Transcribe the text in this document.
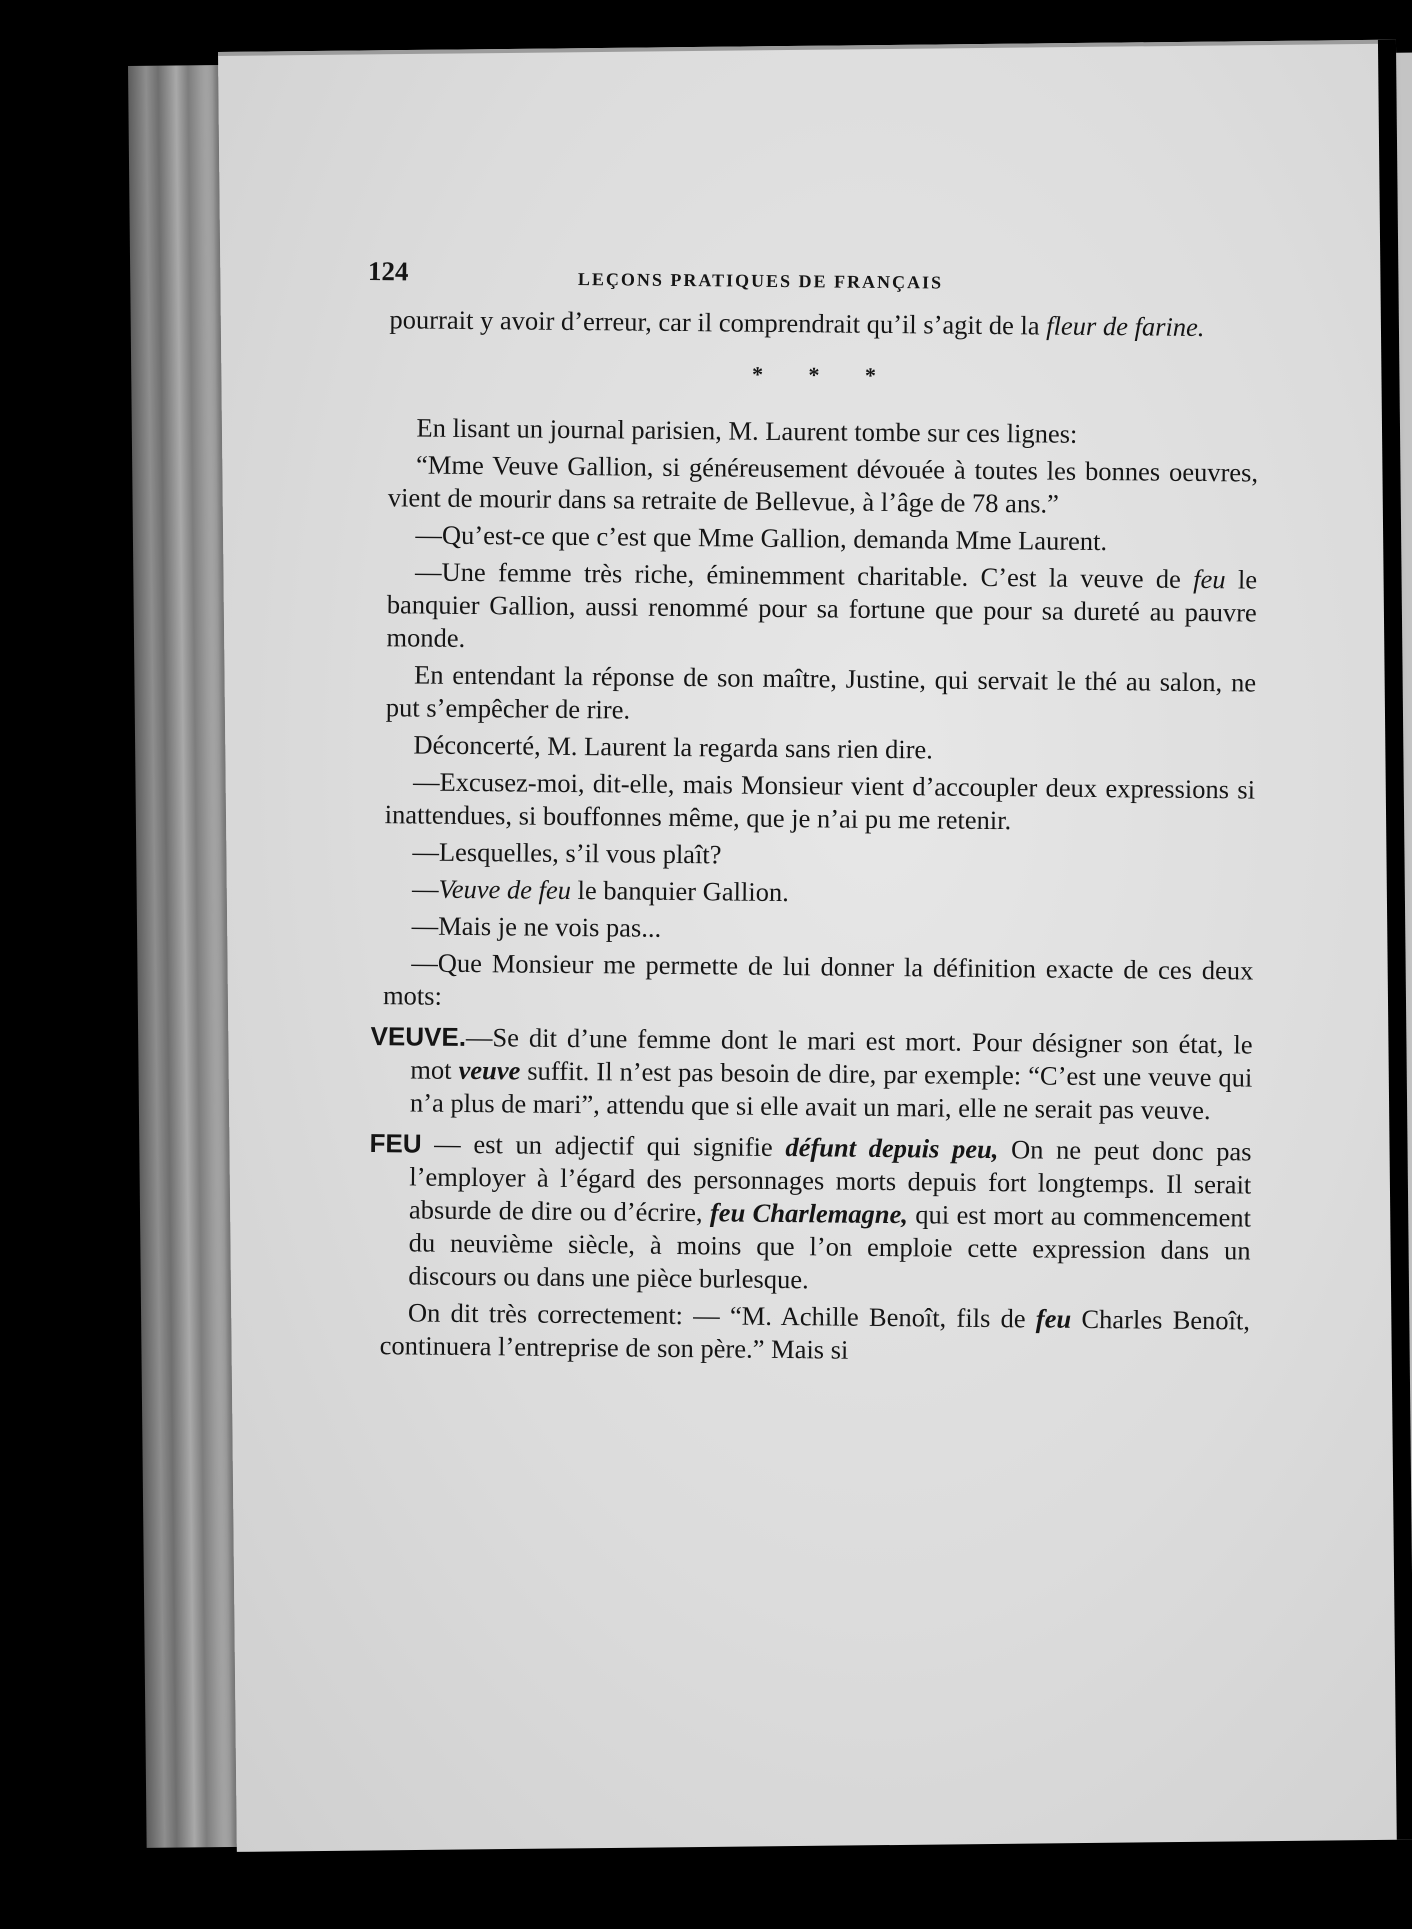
124	LEÇONS PRATIQUES DE FRANÇAIS

pourrait y avoir d’erreur, car il comprendrait qu’il s’agit de la fleur de farine.

* * *

En lisant un journal parisien, M. Laurent tombe sur ces lignes:

“Mme Veuve Gallion, si généreusement dévouée à toutes les bonnes oeuvres, vient de mourir dans sa retraite de Bellevue, à l’âge de 78 ans.”

—Qu’est-ce que c’est que Mme Gallion, demanda Mme Laurent.

—Une femme très riche, éminemment charitable. C’est la veuve de feu le banquier Gallion, aussi renommé pour sa fortune que pour sa dureté au pauvre monde.

En entendant la réponse de son maître, Justine, qui servait le thé au salon, ne put s’empêcher de rire.

Déconcerté, M. Laurent la regarda sans rien dire.

—Excusez-moi, dit-elle, mais Monsieur vient d’accoupler deux expressions si inattendues, si bouffonnes même, que je n’ai pu me retenir.

—Lesquelles, s’il vous plaît?

—Veuve de feu le banquier Gallion.

—Mais je ne vois pas...

—Que Monsieur me permette de lui donner la définition exacte de ces deux mots:

VEUVE.—Se dit d’une femme dont le mari est mort. Pour désigner son état, le mot veuve suffit. Il n’est pas besoin de dire, par exemple: “C’est une veuve qui n’a plus de mari”, attendu que si elle avait un mari, elle ne serait pas veuve.

FEU — est un adjectif qui signifie défunt depuis peu, On ne peut donc pas l’employer à l’égard des personnages morts depuis fort longtemps. Il serait absurde de dire ou d’écrire, feu Charlemagne, qui est mort au commencement du neuvième siècle, à moins que l’on emploie cette expression dans un discours ou dans une pièce burlesque.

On dit très correctement: — “M. Achille Benoît, fils de feu Charles Benoît, continuera l’entreprise de son père.” Mais si
